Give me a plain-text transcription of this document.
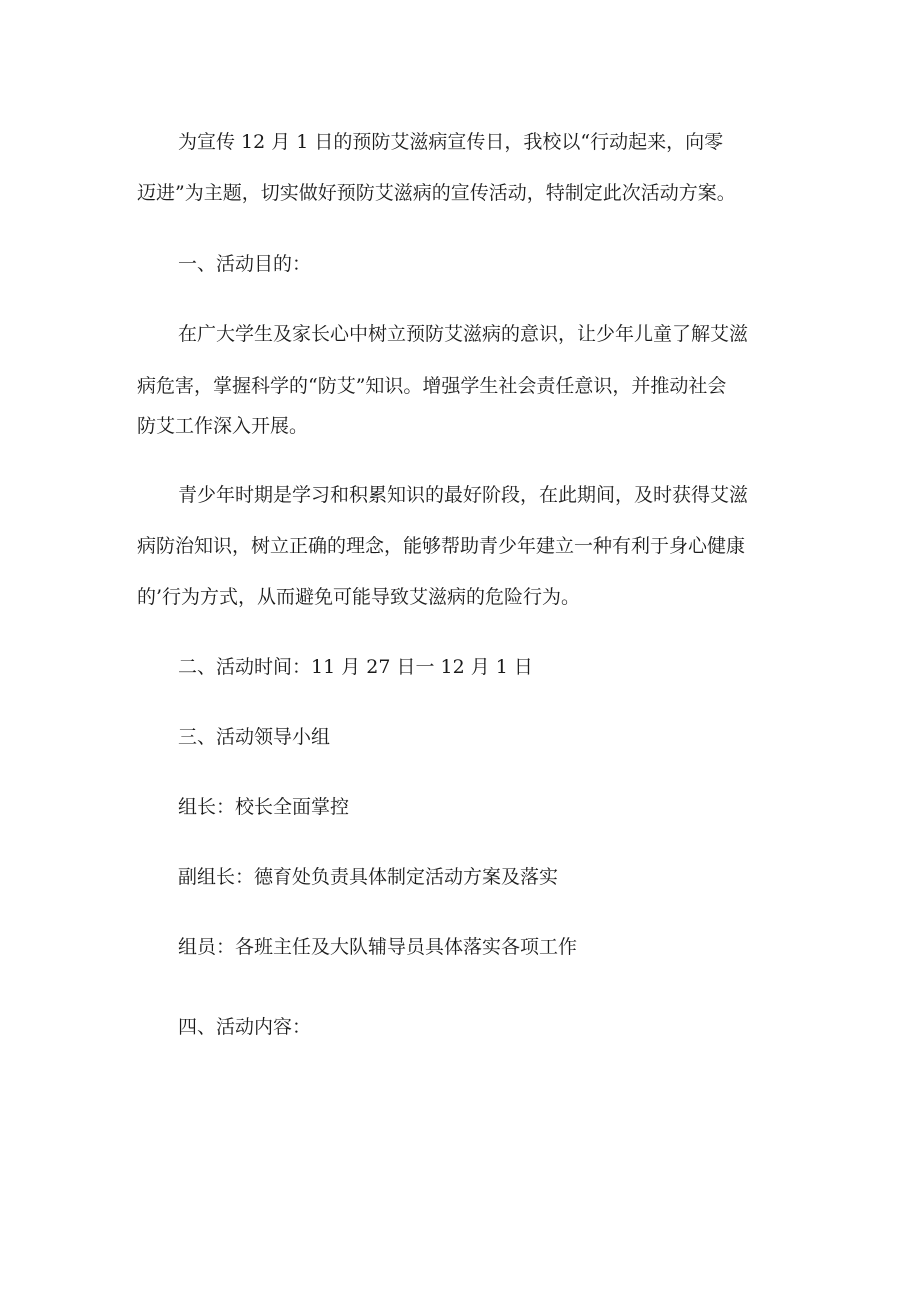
为宣传 12 月 1 日的预防艾滋病宣传日，我校以“行动起来，向零
迈进”为主题，切实做好预防艾滋病的宣传活动，特制定此次活动方案。
一、活动目的：
在广大学生及家长心中树立预防艾滋病的意识，让少年儿童了解艾滋
病危害，掌握科学的“防艾”知识。增强学生社会责任意识，并推动社会
防艾工作深入开展。
青少年时期是学习和积累知识的最好阶段，在此期间，及时获得艾滋
病防治知识，树立正确的理念，能够帮助青少年建立一种有利于身心健康
的’行为方式，从而避免可能导致艾滋病的危险行为。
二、活动时间：11 月 27 日一 12 月 1 日
三、活动领导小组
组长：校长全面掌控
副组长：德育处负责具体制定活动方案及落实
组员：各班主任及大队辅导员具体落实各项工作
四、活动内容：
